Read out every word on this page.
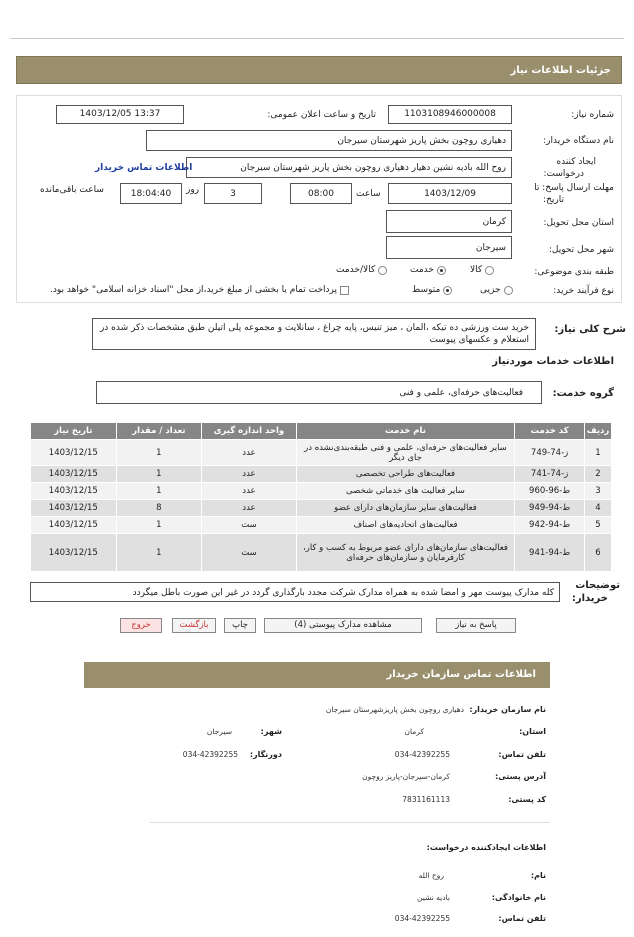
جزئیات اطلاعات نیاز
شماره نیاز:
1103108946000008
تاریخ و ساعت اعلان عمومی:
1403/12/05 13:37
نام دستگاه خریدار:
دهیاری روچون بخش پاریز شهرستان سیرجان
ایجاد کننده
درخواست:
روح الله بادیه نشین دهیار دهیاری روچون بخش پاریز شهرستان سیرجان
اطلاعات تماس خریدار
مهلت ارسال پاسخ: تا
تاریخ:
1403/12/09
ساعت
08:00
3
روز
18:04:40
ساعت باقی‌مانده
استان محل تحویل:
کرمان
شهر محل تحویل:
سیرجان
طبقه بندی موضوعی:
کالا
خدمت
کالا/خدمت
نوع فرآیند خرید:
جزیی
متوسط
پرداخت تمام یا بخشی از مبلغ خرید،از محل "اسناد خزانه اسلامی" خواهد بود.
شرح کلی نیاز:
خرید ست ورزشی ده تیکه ،المان ، میز تنیس، پایه چراغ ، سانلایت و مجموعه پلی اتیلن طبق مشخصات ذکر شده در استعلام و عکسهای پیوست
اطلاعات خدمات موردنیاز
گروه خدمت:
فعالیت‌های حرفه‌ای، علمی و فنی
ردیف	کد خدمت	نام خدمت	واحد اندازه گیری	تعداد / مقدار	تاریخ نیاز
1	ز-74-749	سایر فعالیت‌های حرفه‌ای، علمی و فنی طبقه‌بندی‌نشده در جای دیگر	عدد	1	1403/12/15
2	ز-74-741	فعالیت‌های طراحی تخصصی	عدد	1	1403/12/15
3	ط-96-960	سایر فعالیت های خدماتی شخصی	عدد	1	1403/12/15
4	ط-94-949	فعالیت‌های سایر سازمان‌های دارای عضو	عدد	8	1403/12/15
5	ط-94-942	فعالیت‌های اتحادیه‌های اصناف	ست	1	1403/12/15
6	ط-94-941	فعالیت‌های سازمان‌های دارای عضو مربوط به کسب و کار، کارفرمایان و سازمان‌های حرفه‌ای	ست	1	1403/12/15
توضیحات
خریدار:
کله مدارک پیوست مهر و امضا شده به همراه مدارک شرکت مجدد بارگذاری گردد در غیر این صورت باطل میگردد
پاسخ به نیاز
مشاهده مدارک پیوستی (4)
چاپ
بازگشت
خروج
اطلاعات تماس سازمان خریدار
نام سازمان خریدار:
دهیاری روچون بخش پاریزشهرستان سیرجان
استان:
کرمان
شهر:
سیرجان
تلفن تماس:
034-42392255
دورنگار:
034-42392255
آدرس پستی:
کرمان-سیرجان-پاریز روچون
کد پستی:
7831161113
اطلاعات ایجادکننده درخواست:
نام:
روح الله
نام خانوادگی:
بادیه نشین
تلفن تماس:
034-42392255
